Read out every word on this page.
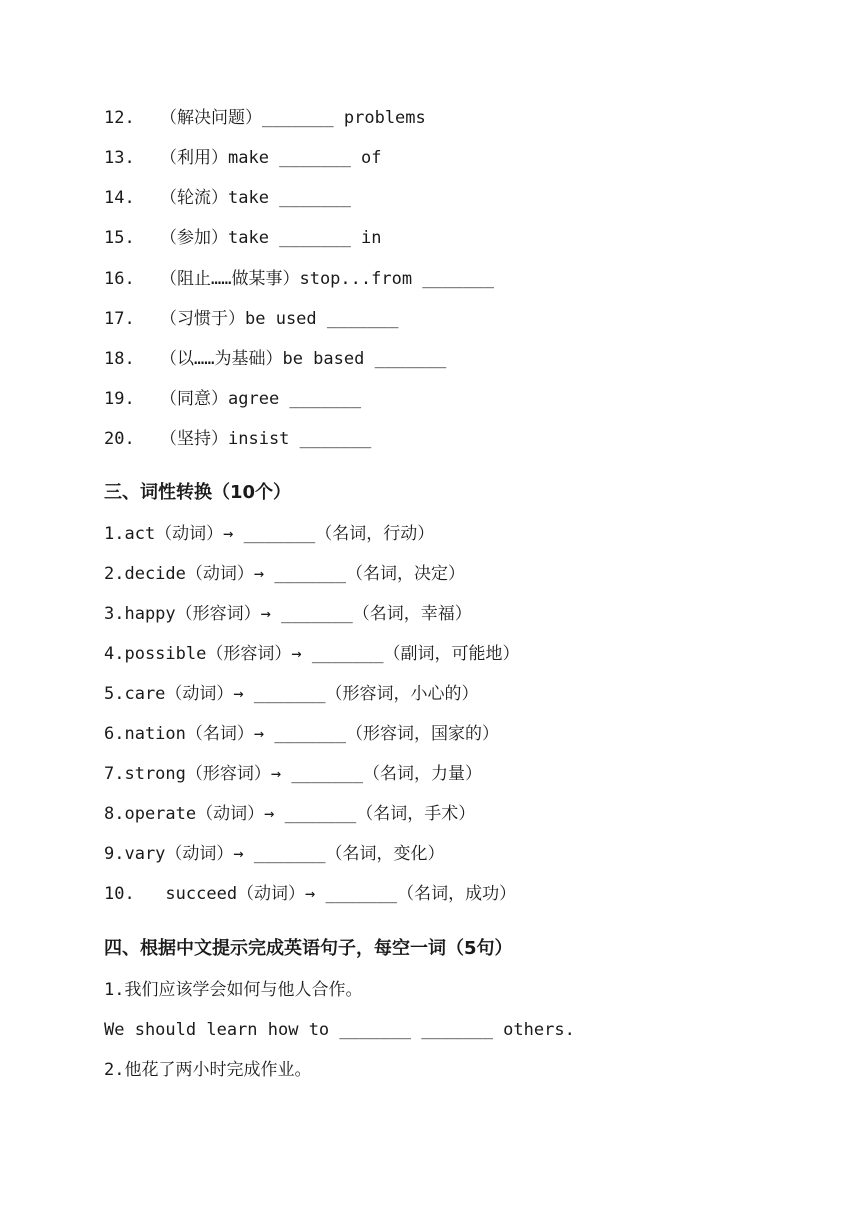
12. （解决问题）_______ problems
13. （利用）make _______ of
14. （轮流）take _______
15. （参加）take _______ in
16. （阻止……做某事）stop...from _______
17. （习惯于）be used _______
18. （以……为基础）be based _______
19. （同意）agree _______
20. （坚持）insist _______
三、词性转换（10个）
1.act（动词）→ _______（名词，行动）
2.decide（动词）→ _______（名词，决定）
3.happy（形容词）→ _______（名词，幸福）
4.possible（形容词）→ _______（副词，可能地）
5.care（动词）→ _______（形容词，小心的）
6.nation（名词）→ _______（形容词，国家的）
7.strong（形容词）→ _______（名词，力量）
8.operate（动词）→ _______（名词，手术）
9.vary（动词）→ _______（名词，变化）
10.   succeed（动词）→ _______（名词，成功）
四、根据中文提示完成英语句子，每空一词（5句）
1.我们应该学会如何与他人合作。
We should learn how to _______ _______ others.
2.他花了两小时完成作业。
